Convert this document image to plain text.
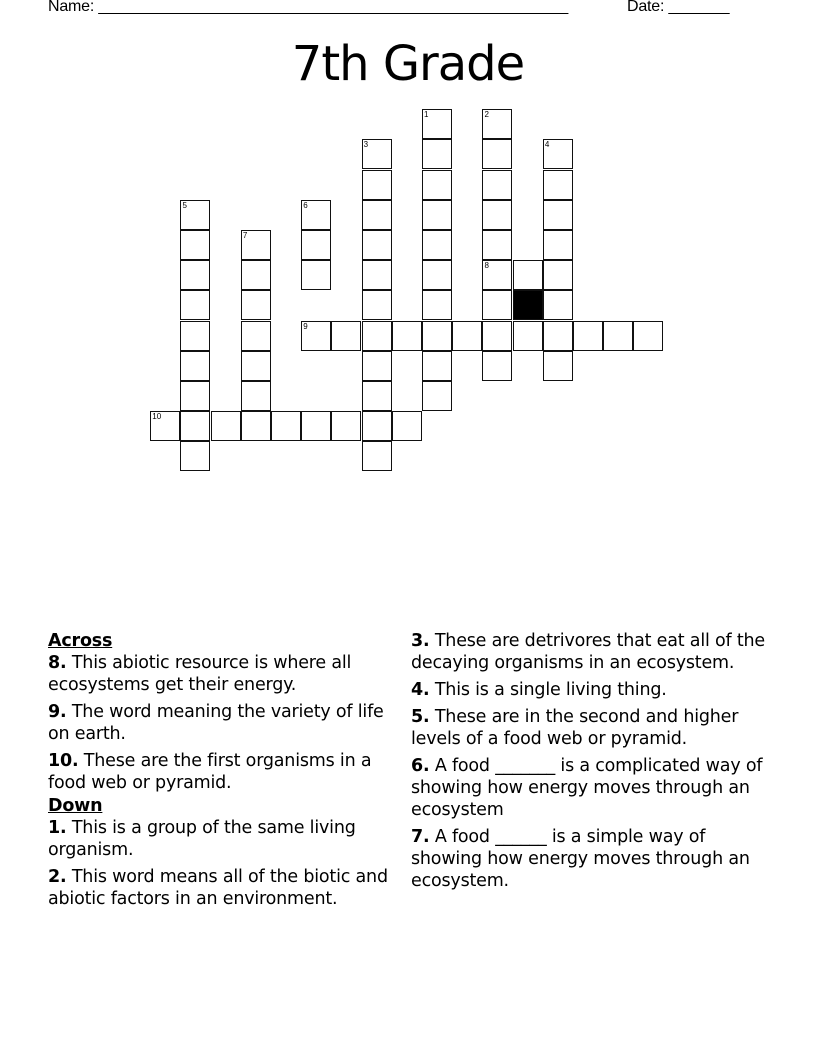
Name: ______________________________________________________	Date: _______
7th Grade
1	2
8
3	4
5	6
7
9
10
Across
8. This abiotic resource is where all ecosystems get their energy.
9. The word meaning the variety of life on earth.
10. These are the first organisms in a food web or pyramid.
Down
1. This is a group of the same living organism.
2. This word means all of the biotic and abiotic factors in an environment.
3. These are detrivores that eat all of the decaying organisms in an ecosystem.
4. This is a single living thing.
5. These are in the second and higher levels of a food web or pyramid.
6. A food _______ is a complicated way of showing how energy moves through an ecosystem
7. A food ______ is a simple way of showing how energy moves through an ecosystem.
